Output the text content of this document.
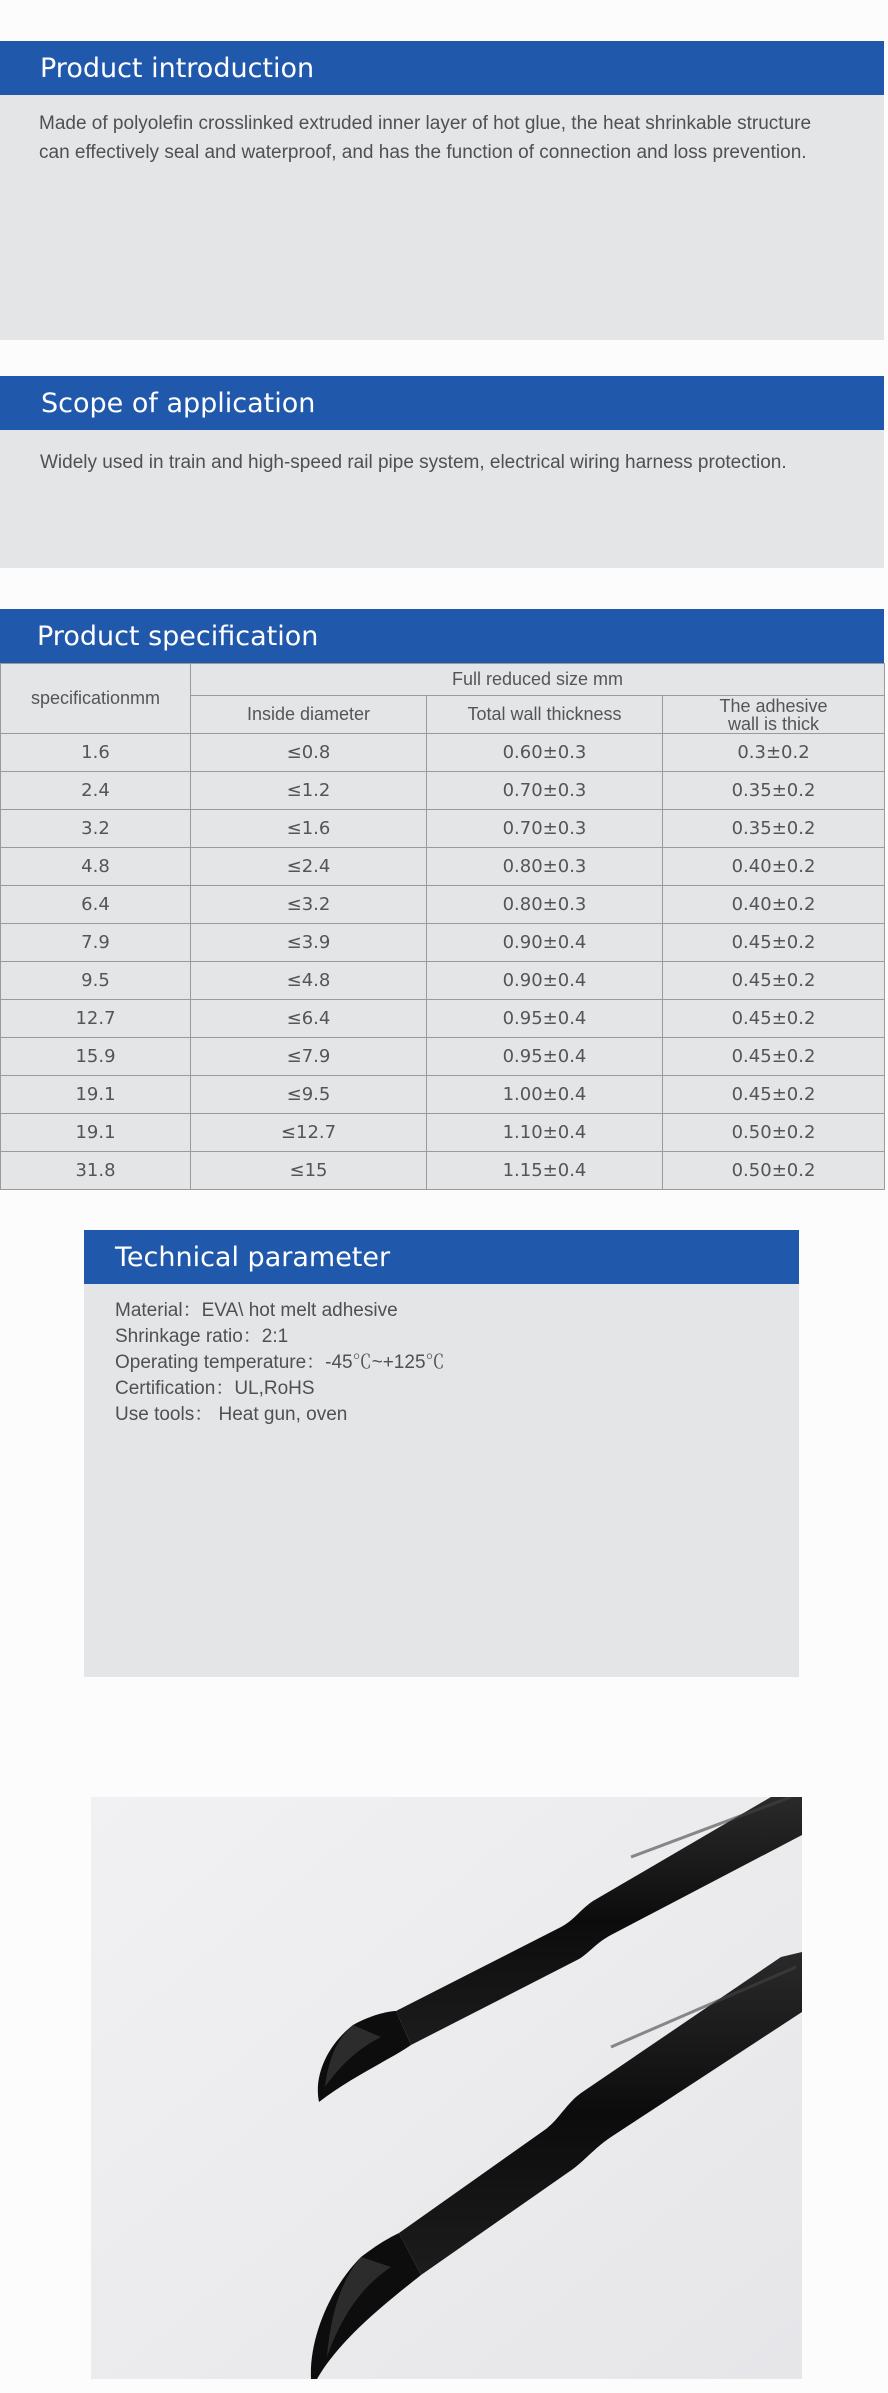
Product introduction

Made of polyolefin crosslinked extruded inner layer of hot glue, the heat shrinkable structure can effectively seal and waterproof, and has the function of connection and loss prevention.

Scope of application

Widely used in train and high-speed rail pipe system, electrical wiring harness protection.

Product specification
specificationmm	Full reduced size mm		
	Inside diameter	Total wall thickness	The adhesive
wall is thick
1.6	≤0.8	0.60±0.3	0.3±0.2
2.4	≤1.2	0.70±0.3	0.35±0.2
3.2	≤1.6	0.70±0.3	0.35±0.2
4.8	≤2.4	0.80±0.3	0.40±0.2
6.4	≤3.2	0.80±0.3	0.40±0.2
7.9	≤3.9	0.90±0.4	0.45±0.2
9.5	≤4.8	0.90±0.4	0.45±0.2
12.7	≤6.4	0.95±0.4	0.45±0.2
15.9	≤7.9	0.95±0.4	0.45±0.2
19.1	≤9.5	1.00±0.4	0.45±0.2
19.1	≤12.7	1.10±0.4	0.50±0.2
31.8	≤15	1.15±0.4	0.50±0.2
Technical parameter
Material：EVA\ hot melt adhesive
Shrinkage ratio：2:1
Operating temperature：-45℃~+125℃
Certification：UL,RoHS
Use tools： Heat gun, oven
